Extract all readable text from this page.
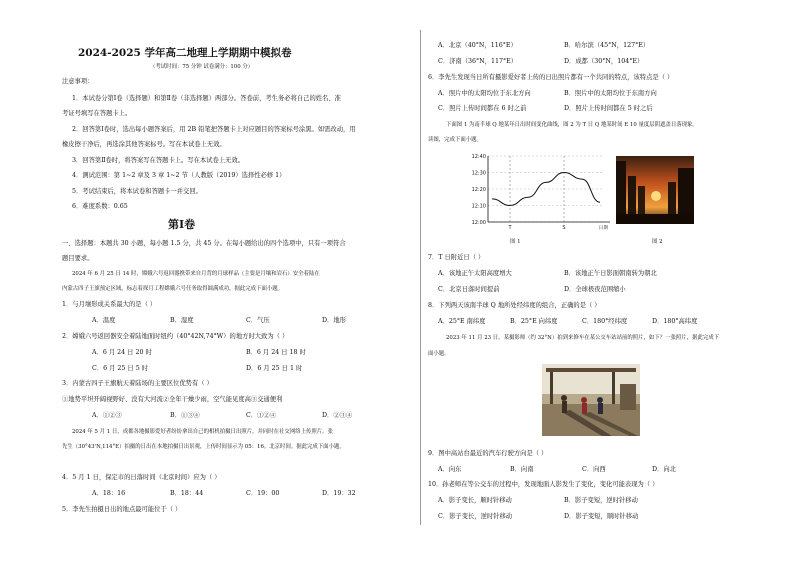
2024-2025 学年高二地理上学期期中模拟卷
（考试时间：75 分钟 试卷满分：100 分）
注意事项：
1．本试卷分第Ⅰ卷（选择题）和第Ⅱ卷（非选择题）两部分。答卷前，考生务必将自己的姓名、准
考证号填写在答题卡上。
2．回答第Ⅰ卷时，选出每小题答案后，用 2B 铅笔把答题卡上对应题目的答案标号涂黑。如需改动，用
橡皮擦干净后，再选涂其他答案标号。写在本试卷上无效。
3．回答第Ⅱ卷时，将答案写在答题卡上。写在本试卷上无效。
4．测试范围：第 1~2 章及 3 章 1~2 节（人教版（2019）选择性必修 1）
5．考试结束后，将本试卷和答题卡一并交回。
6．难度系数：0.65
第Ⅰ卷
一、选择题：本题共 30 小题，每小题 1.5 分，共 45 分。在每小题给出的四个选项中，只有一项符合
题目要求。
2024 年 6 月 25 日 14 时，嫦娥六号返回器携带来自月背的月球样品（主要是月壤和岩石）安全着陆在
内蒙古四子王旗预定区域，标志着探月工程嫦娥六号任务取得圆满成功。据此完成下面小题。
1．与月壤形成关系最大的是（ ）
A．温度	B．湿度	C．气压	D．地形
2．嫦娥六号返回器安全着陆地面时纽约（40°42N,74°W）的地方时大致为（ ）
A．6 月 24 日 20 时	B．6 月 24 日 18 时
C．6 月 25 日 5 时	D．6 月 25 日 1 时
3．内蒙古四子王旗航天着陆场的主要区位优势有（ ）
①地势平坦开阔视野好、没有大河流②全年干燥少雨，空气能见度高③交通便利
A．①②③	B．①③④	C．①②④	D．②③④
2024 年 5 月 1 日，成都各地摄影爱好者纷纷拿出自己的相机拍摄日出照片，并同时在社交网络上传照片。张
先生（30°43'N,114°E）拍摄的日出在本地拍摄日出景观，上传时间显示为 05：16。北京时间。据此完成下面小题。
4．5 月 1 日，保定市的日落时间（北京时间）应为（ ）
A．18：16	B．18：44	C．19：00	D．19：32
5．李先生拍摄日出的地点最可能位于（ ）
A．北京（40°N，116°E）	B．哈尔滨（45°N，127°E）
C．济南（36°N，117°E）	D．成都（30°N，104°E）
6．李先生发现当日所有摄影爱好者上传的日出照片都有一个共同的特点，该特点是（ ）
A．照片中的太阳均位于东北方向	B．照片中的太阳均位于东南方向
C．照片上传时间都在 6 时之前	D．照片上传时间都在 5 时之后
下面图 1 为南半球 Q 地某年日出时间变化曲线，图 2 为 T 日 Q 地某时间 E 10 量度层阴遮盖日落现象。
读图，完成下面小题。
12:00
12:10
12:20
12:30
12:40
T	S	日期
图 1	图 2
7．T 日附近日（ ）
A．该地正午太阳高度增大	B．该地正午日影面朝南转为朝北
C．北京日落时间提前	D．全球极夜范围缩小
8．下列两天该南半球 Q 地所处经纬度的组合，正确的是（ ）
A．25°E 南纬度	B．25°E 向纬度	C．180°经纬度	D．180°高纬度
2023 年 11 月 23 日，某摄影师（约 32°N）拍到来修车在某公交车站站前的照片，如下？一张照片，据此完成下
面小题。
9．图中高站台最近的汽车行驶方向是（ ）
A．向东	B．向南	C．向西	D．向北
10．孙老师在等公交车的过程中，发现地面人影发生了变化，变化可能表现为（ ）
A．影子变长，顺时针移动	B．影子变短，逆时针移动
C．影子变长，逆时针移动	D．影子变短，顺时针移动
